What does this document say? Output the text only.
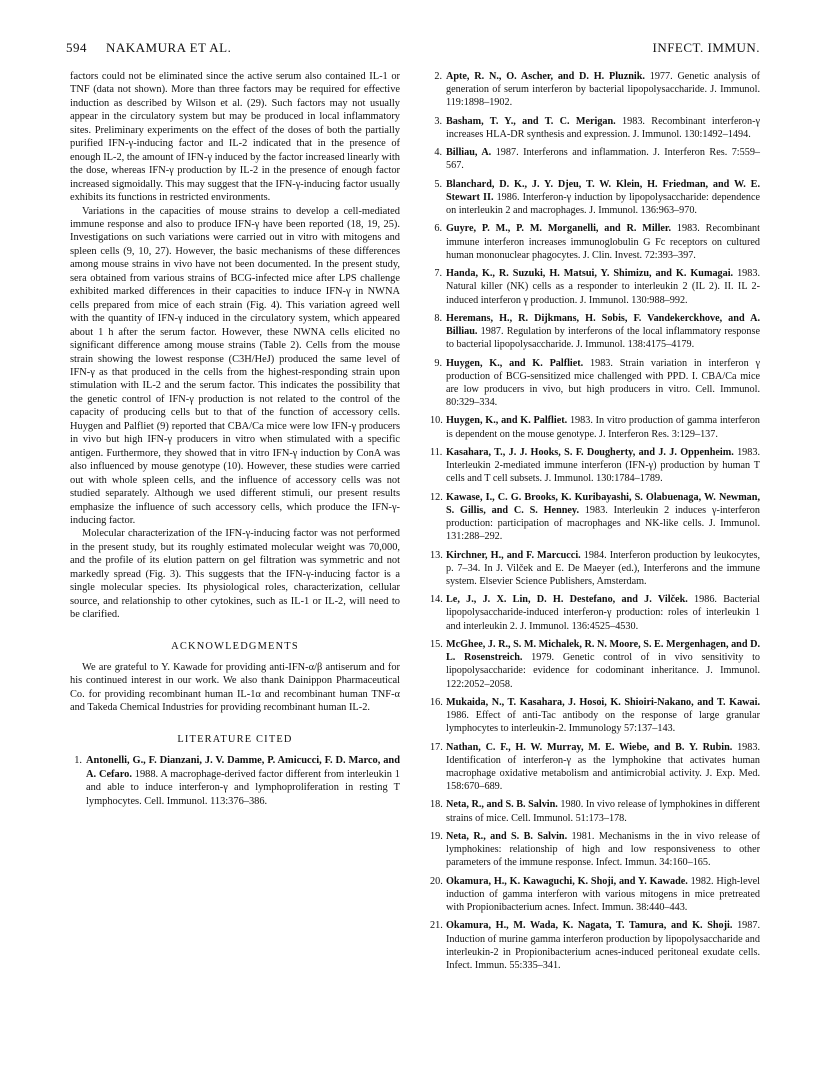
594 NAKAMURA ET AL.	INFECT. IMMUN.

factors could not be eliminated since the active serum also contained IL-1 or TNF (data not shown). More than three factors may be required for effective induction as described by Wilson et al. (29). Such factors may not usually appear in the circulatory system but may be produced in local inflammatory sites. Preliminary experiments on the effect of the doses of both the partially purified IFN-γ-inducing factor and IL-2 indicated that in the presence of enough IL-2, the amount of IFN-γ induced by the factor increased linearly with the dose, whereas IFN-γ production by IL-2 in the presence of enough factor increased sigmoidally. This may suggest that the IFN-γ-inducing factor usually exhibits its functions in restricted environments.

Variations in the capacities of mouse strains to develop a cell-mediated immune response and also to produce IFN-γ have been reported (18, 19, 25). Investigations on such variations were carried out in vitro with mitogens and spleen cells (9, 10, 27). However, the basic mechanisms of these differences among mouse strains in vivo have not been documented. In the present study, sera obtained from various strains of BCG-infected mice after LPS challenge exhibited marked differences in their capacities to induce IFN-γ in NWNA cells prepared from mice of each strain (Fig. 4). This variation agreed well with the quantity of IFN-γ induced in the circulatory system, which appeared about 1 h after the serum factor. However, these NWNA cells elicited no significant difference among mouse strains (Table 2). Cells from the mouse strain showing the lowest response (C3H/HeJ) produced the same level of IFN-γ as that produced in the cells from the highest-responding strain upon stimulation with IL-2 and the serum factor. This indicates the possibility that the genetic control of IFN-γ production is not related to the control of the capacity of producing cells but to that of the function of accessory cells. Huygen and Palfliet (9) reported that CBA/Ca mice were low IFN-γ producers in vivo but high IFN-γ producers in vitro when stimulated with a specific antigen. Furthermore, they showed that in vitro IFN-γ induction by ConA was also influenced by mouse genotype (10). However, these studies were carried out with whole spleen cells, and the influence of accessory cells was not studied separately. Although we used different stimuli, our present results emphasize the influence of such accessory cells, which produce the IFN-γ-inducing factor.

Molecular characterization of the IFN-γ-inducing factor was not performed in the present study, but its roughly estimated molecular weight was 70,000, and the profile of its elution pattern on gel filtration was symmetric and not markedly spread (Fig. 3). This suggests that the IFN-γ-inducing factor is a single molecular species. Its physiological roles, characterization, cellular source, and relationship to other cytokines, such as IL-1 or IL-2, will need to be clarified.

ACKNOWLEDGMENTS

We are grateful to Y. Kawade for providing anti-IFN-α/β antiserum and for his continued interest in our work. We also thank Dainippon Pharmaceutical Co. for providing recombinant human IL-1α and recombinant human TNF-α and Takeda Chemical Industries for providing recombinant human IL-2.

LITERATURE CITED
1. Antonelli, G., F. Dianzani, J. V. Damme, P. Amicucci, F. D. Marco, and A. Cefaro. 1988. A macrophage-derived factor different from interleukin 1 and able to induce interferon-γ and lymphoproliferation in resting T lymphocytes. Cell. Immunol. 113:376–386.
2. Apte, R. N., O. Ascher, and D. H. Pluznik. 1977. Genetic analysis of generation of serum interferon by bacterial lipopolysaccharide. J. Immunol. 119:1898–1902.
3. Basham, T. Y., and T. C. Merigan. 1983. Recombinant interferon-γ increases HLA-DR synthesis and expression. J. Immunol. 130:1492–1494.
4. Billiau, A. 1987. Interferons and inflammation. J. Interferon Res. 7:559–567.
5. Blanchard, D. K., J. Y. Djeu, T. W. Klein, H. Friedman, and W. E. Stewart II. 1986. Interferon-γ induction by lipopolysaccharide: dependence on interleukin 2 and macrophages. J. Immunol. 136:963–970.
6. Guyre, P. M., P. M. Morganelli, and R. Miller. 1983. Recombinant immune interferon increases immunoglobulin G Fc receptors on cultured human mononuclear phagocytes. J. Clin. Invest. 72:393–397.
7. Handa, K., R. Suzuki, H. Matsui, Y. Shimizu, and K. Kumagai. 1983. Natural killer (NK) cells as a responder to interleukin 2 (IL 2). II. IL 2-induced interferon γ production. J. Immunol. 130:988–992.
8. Heremans, H., R. Dijkmans, H. Sobis, F. Vandekerckhove, and A. Billiau. 1987. Regulation by interferons of the local inflammatory response to bacterial lipopolysaccharide. J. Immunol. 138:4175–4179.
9. Huygen, K., and K. Palfliet. 1983. Strain variation in interferon γ production of BCG-sensitized mice challenged with PPD. I. CBA/Ca mice are low producers in vivo, but high producers in vitro. Cell. Immunol. 80:329–334.
10. Huygen, K., and K. Palfliet. 1983. In vitro production of gamma interferon is dependent on the mouse genotype. J. Interferon Res. 3:129–137.
11. Kasahara, T., J. J. Hooks, S. F. Dougherty, and J. J. Oppenheim. 1983. Interleukin 2-mediated immune interferon (IFN-γ) production by human T cells and T cell subsets. J. Immunol. 130:1784–1789.
12. Kawase, I., C. G. Brooks, K. Kuribayashi, S. Olabuenaga, W. Newman, S. Gillis, and C. S. Henney. 1983. Interleukin 2 induces γ-interferon production: participation of macrophages and NK-like cells. J. Immunol. 131:288–292.
13. Kirchner, H., and F. Marcucci. 1984. Interferon production by leukocytes, p. 7–34. In J. Vilček and E. De Maeyer (ed.), Interferons and the immune system. Elsevier Science Publishers, Amsterdam.
14. Le, J., J. X. Lin, D. H. Destefano, and J. Vilček. 1986. Bacterial lipopolysaccharide-induced interferon-γ production: roles of interleukin 1 and interleukin 2. J. Immunol. 136:4525–4530.
15. McGhee, J. R., S. M. Michalek, R. N. Moore, S. E. Mergenhagen, and D. L. Rosenstreich. 1979. Genetic control of in vivo sensitivity to lipopolysaccharide: evidence for codominant inheritance. J. Immunol. 122:2052–2058.
16. Mukaida, N., T. Kasahara, J. Hosoi, K. Shioiri-Nakano, and T. Kawai. 1986. Effect of anti-Tac antibody on the response of large granular lymphocytes to interleukin-2. Immunology 57:137–143.
17. Nathan, C. F., H. W. Murray, M. E. Wiebe, and B. Y. Rubin. 1983. Identification of interferon-γ as the lymphokine that activates human macrophage oxidative metabolism and antimicrobial activity. J. Exp. Med. 158:670–689.
18. Neta, R., and S. B. Salvin. 1980. In vivo release of lymphokines in different strains of mice. Cell. Immunol. 51:173–178.
19. Neta, R., and S. B. Salvin. 1981. Mechanisms in the in vivo release of lymphokines: relationship of high and low responsiveness to other parameters of the immune response. Infect. Immun. 34:160–165.
20. Okamura, H., K. Kawaguchi, K. Shoji, and Y. Kawade. 1982. High-level induction of gamma interferon with various mitogens in mice pretreated with Propionibacterium acnes. Infect. Immun. 38:440–443.
21. Okamura, H., M. Wada, K. Nagata, T. Tamura, and K. Shoji. 1987. Induction of murine gamma interferon production by lipopolysaccharide and interleukin-2 in Propionibacterium acnes-induced peritoneal exudate cells. Infect. Immun. 55:335–341.
